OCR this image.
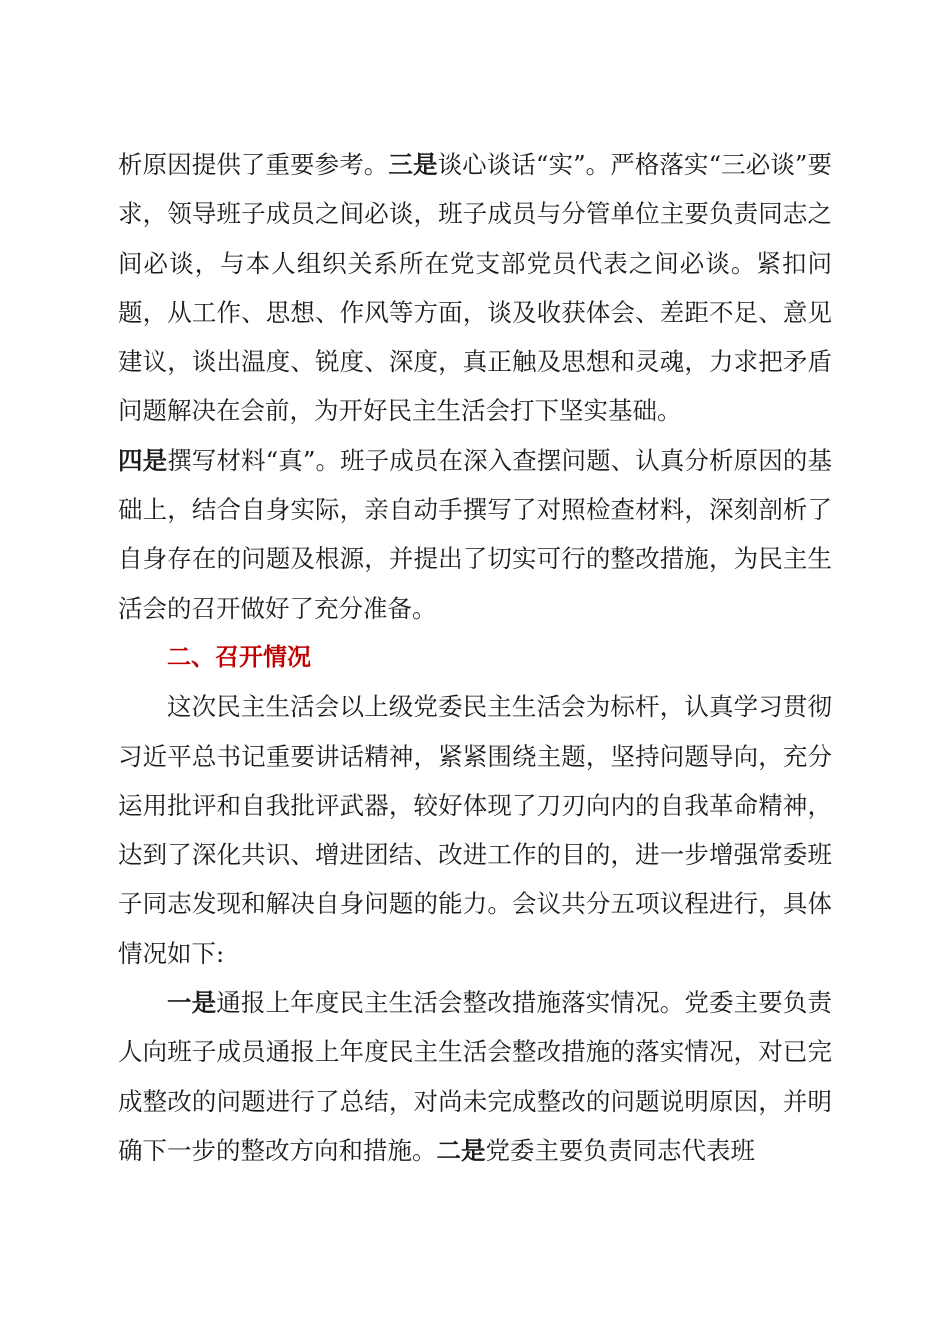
析原因提供了重要参考。三是谈心谈话“实”。严格落实“三必谈”要求，领导班子成员之间必谈，班子成员与分管单位主要负责同志之间必谈，与本人组织关系所在党支部党员代表之间必谈。紧扣问题，从工作、思想、作风等方面，谈及收获体会、差距不足、意见建议，谈出温度、锐度、深度，真正触及思想和灵魂，力求把矛盾问题解决在会前，为开好民主生活会打下坚实基础。
四是撰写材料“真”。班子成员在深入查摆问题、认真分析原因的基础上，结合自身实际，亲自动手撰写了对照检查材料，深刻剖析了自身存在的问题及根源，并提出了切实可行的整改措施，为民主生活会的召开做好了充分准备。

二、召开情况

这次民主生活会以上级党委民主生活会为标杆，认真学习贯彻习近平总书记重要讲话精神，紧紧围绕主题，坚持问题导向，充分运用批评和自我批评武器，较好体现了刀刃向内的自我革命精神，达到了深化共识、增进团结、改进工作的目的，进一步增强常委班子同志发现和解决自身问题的能力。会议共分五项议程进行，具体情况如下:

一是通报上年度民主生活会整改措施落实情况。党委主要负责人向班子成员通报上年度民主生活会整改措施的落实情况，对已完成整改的问题进行了总结，对尚未完成整改的问题说明原因，并明确下一步的整改方向和措施。二是党委主要负责同志代表班
